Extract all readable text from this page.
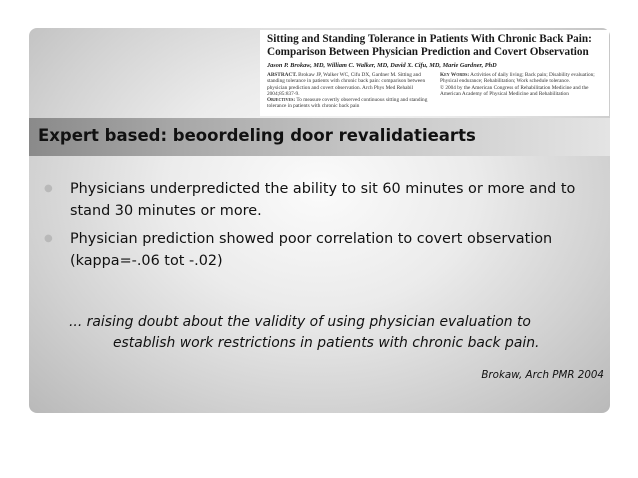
Sitting and Standing Tolerance in Patients With Chronic Back Pain: Comparison Between Physician Prediction and Covert Observation
Jason P. Brokaw, MD, William C. Walker, MD, David X. Cifu, MD, Marie Gardner, PhD
ABSTRACT. Brokaw JP, Walker WC, Cifu DX, Gardner M. Sitting and standing tolerance in patients with chronic back pain: comparison between physician prediction and covert observation. Arch Phys Med Rehabil 2004;85:837-9.
Objectives: To measure covertly observed continuous sitting and standing tolerance in patients with chronic back pain
Key Words: Activities of daily living; Back pain; Disability evaluation; Physical endurance; Rehabilitation; Work schedule tolerance.
© 2004 by the American Congress of Rehabilitation Medicine and the American Academy of Physical Medicine and Rehabilitation
Expert based: beoordeling door revalidatiearts
● Physicians underpredicted the ability to sit 60 minutes or more and to stand 30 minutes or more.
● Physician prediction showed poor correlation to covert observation (kappa=-.06 tot -.02)
... raising doubt about the validity of using physician evaluation to
establish work restrictions in patients with chronic back pain.
Brokaw, Arch PMR 2004
